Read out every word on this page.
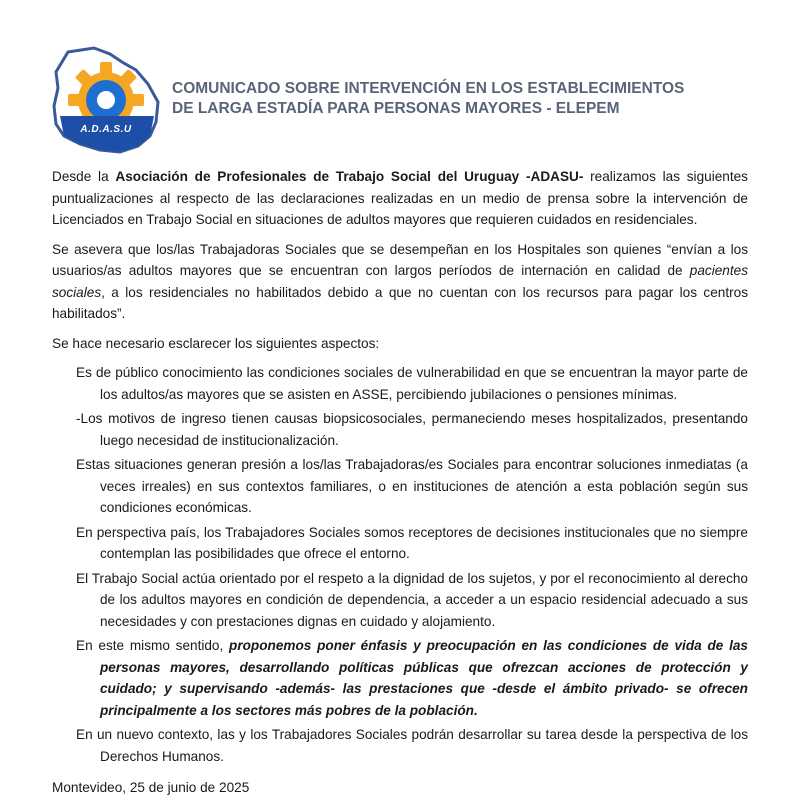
A.D.A.S.U
COMUNICADO SOBRE INTERVENCIÓN EN LOS ESTABLECIMIENTOS
DE LARGA ESTADÍA PARA PERSONAS MAYORES - ELEPEM

Desde la Asociación de Profesionales de Trabajo Social del Uruguay -ADASU- realizamos las siguientes puntualizaciones al respecto de las declaraciones realizadas en un medio de prensa sobre la intervención de Licenciados en Trabajo Social en situaciones de adultos mayores que requieren cuidados en residenciales.

Se asevera que los/las Trabajadoras Sociales que se desempeñan en los Hospitales son quienes “envían a los usuarios/as adultos mayores que se encuentran con largos períodos de internación en calidad de pacientes sociales, a los residenciales no habilitados debido a que no cuentan con los recursos para pagar los centros habilitados”.

Se hace necesario esclarecer los siguientes aspectos:

Es de público conocimiento las condiciones sociales de vulnerabilidad en que se encuentran la mayor parte de los adultos/as mayores que se asisten en ASSE, percibiendo jubilaciones o pensiones mínimas.
-Los motivos de ingreso tienen causas biopsicosociales, permaneciendo meses hospitalizados, presentando luego necesidad de institucionalización.
Estas situaciones generan presión a los/las Trabajadoras/es Sociales para encontrar soluciones inmediatas (a veces irreales) en sus contextos familiares, o en instituciones de atención a esta población según sus condiciones económicas.
En perspectiva país, los Trabajadores Sociales somos receptores de decisiones institucionales que no siempre contemplan las posibilidades que ofrece el entorno.
El Trabajo Social actúa orientado por el respeto a la dignidad de los sujetos, y por el reconocimiento al derecho de los adultos mayores en condición de dependencia, a acceder a un espacio residencial adecuado a sus necesidades y con prestaciones dignas en cuidado y alojamiento.
En este mismo sentido, proponemos poner énfasis y preocupación en las condiciones de vida de las personas mayores, desarrollando políticas públicas que ofrezcan acciones de protección y cuidado; y supervisando -además- las prestaciones que -desde el ámbito privado- se ofrecen principalmente a los sectores más pobres de la población.
En un nuevo contexto, las y los Trabajadores Sociales podrán desarrollar su tarea desde la perspectiva de los Derechos Humanos.
Montevideo, 25 de junio de 2025
